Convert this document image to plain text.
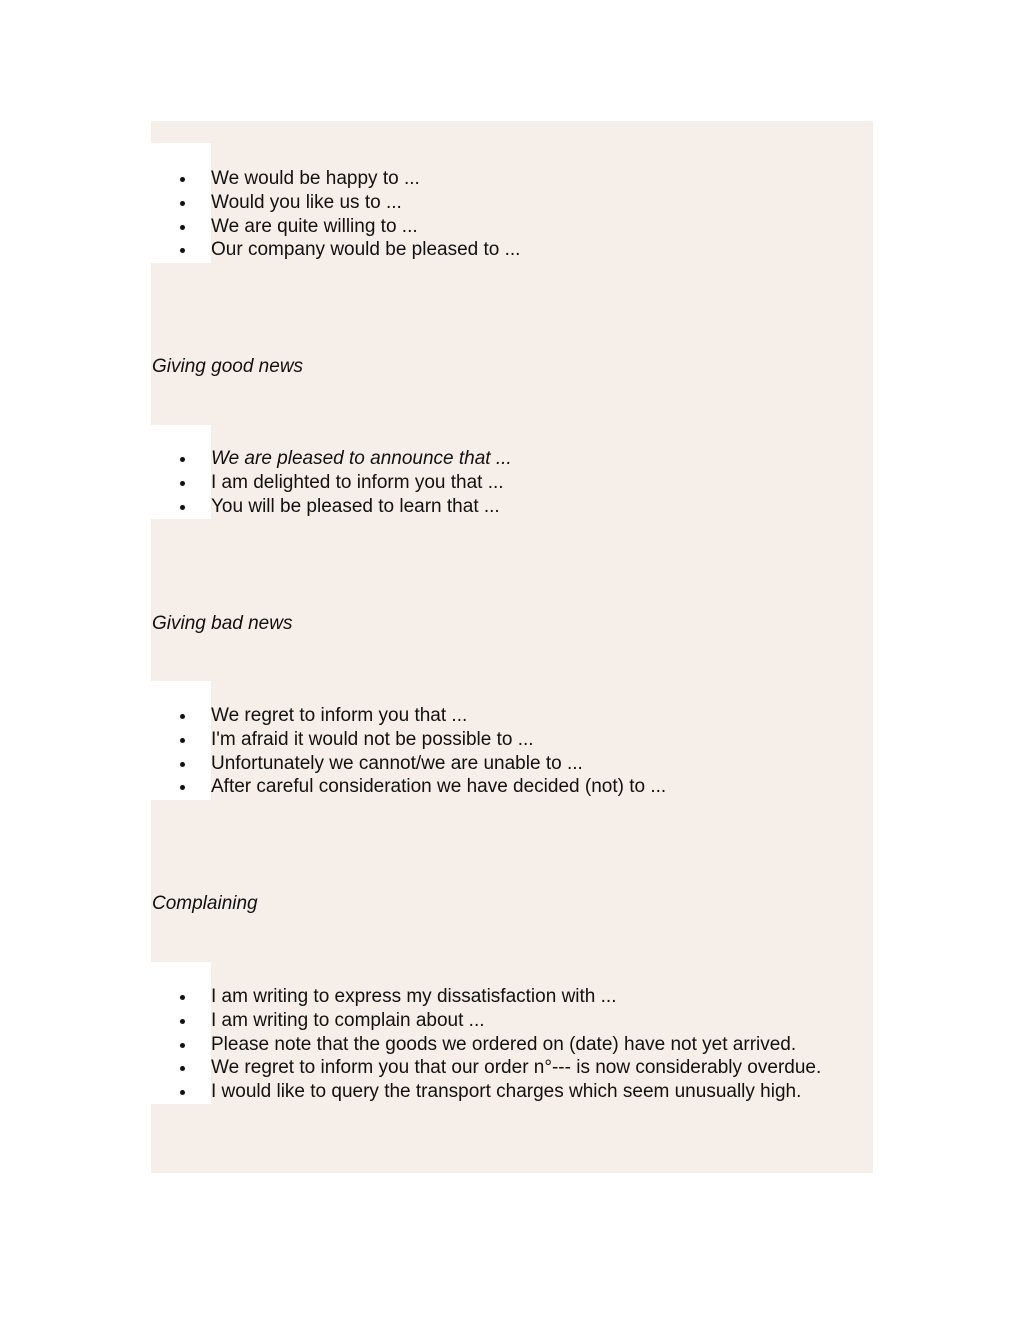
We would be happy to ...
Would you like us to ...
We are quite willing to ...
Our company would be pleased to ...

Giving good news

We are pleased to announce that ...
I am delighted to inform you that ...
You will be pleased to learn that ...

Giving bad news

We regret to inform you that ...
I'm afraid it would not be possible to ...
Unfortunately we cannot/we are unable to ...
After careful consideration we have decided (not) to ...

Complaining

I am writing to express my dissatisfaction with ...
I am writing to complain about ...
Please note that the goods we ordered on (date) have not yet arrived.
We regret to inform you that our order n°--- is now considerably overdue.
I would like to query the transport charges which seem unusually high.
